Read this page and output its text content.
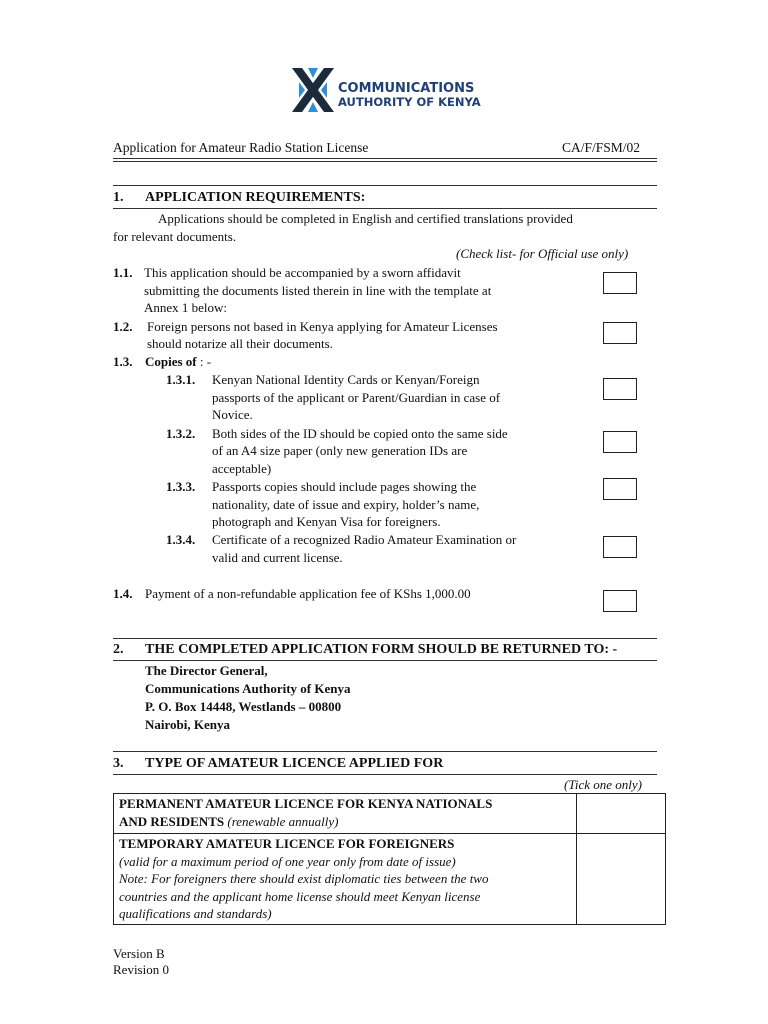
COMMUNICATIONS
AUTHORITY OF KENYA
Application for Amateur Radio Station License	CA/F/FSM/02
1. APPLICATION REQUIREMENTS:
Applications should be completed in English and certified translations provided
for relevant documents.
(Check list- for Official use only)
1.1. This application should be accompanied by a sworn affidavit
submitting the documents listed therein in line with the template at
Annex 1 below:
1.2. Foreign persons not based in Kenya applying for Amateur Licenses
should notarize all their documents.
1.3. Copies of : -
1.3.1. Kenyan National Identity Cards or Kenyan/Foreign
passports of the applicant or Parent/Guardian in case of
Novice.
1.3.2. Both sides of the ID should be copied onto the same side
of an A4 size paper (only new generation IDs are
acceptable)
1.3.3. Passports copies should include pages showing the
nationality, date of issue and expiry, holder’s name,
photograph and Kenyan Visa for foreigners.
1.3.4. Certificate of a recognized Radio Amateur Examination or
valid and current license.
1.4. Payment of a non-refundable application fee of KShs 1,000.00
2. THE COMPLETED APPLICATION FORM SHOULD BE RETURNED TO: -
The Director General,
Communications Authority of Kenya
P. O. Box 14448, Westlands – 00800
Nairobi, Kenya
3. TYPE OF AMATEUR LICENCE APPLIED FOR
(Tick one only)
PERMANENT AMATEUR LICENCE FOR KENYA NATIONALS
AND RESIDENTS (renewable annually)	

TEMPORARY AMATEUR LICENCE FOR FOREIGNERS
(valid for a maximum period of one year only from date of issue)
Note: For foreigners there should exist diplomatic ties between the two
countries and the applicant home license should meet Kenyan license
qualifications and standards)	

Version B
Revision 0
